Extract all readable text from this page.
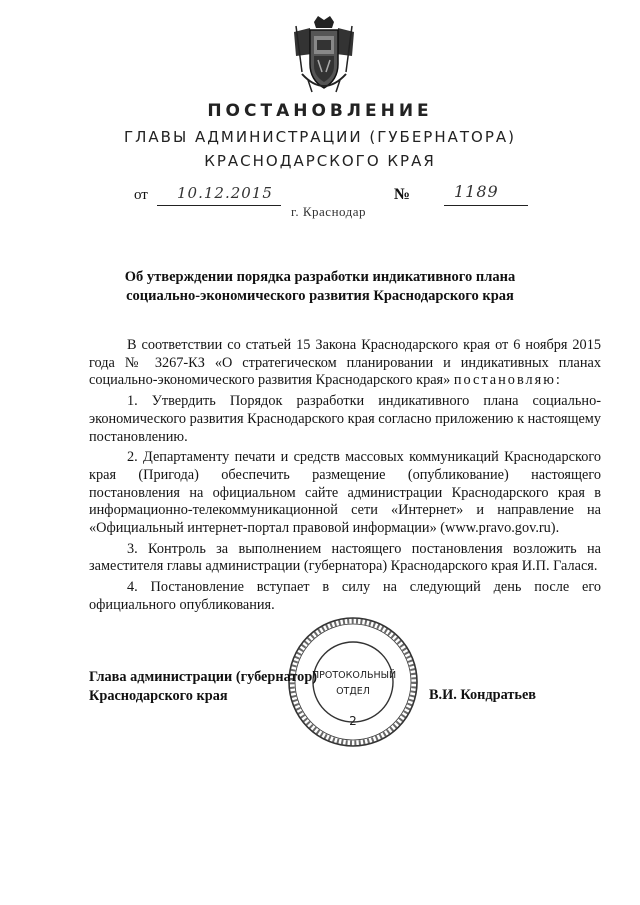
ПОСТАНОВЛЕНИЕ
ГЛАВЫ АДМИНИСТРАЦИИ (ГУБЕРНАТОРА)
КРАСНОДАРСКОГО КРАЯ
от 10.12.2015	№	1189
г. Краснодар
Об утверждении порядка разработки индикативного плана
социально-экономического развития Краснодарского края

В соответствии со статьей 15 Закона Краснодарского края от 6 ноября 2015 года № 3267-КЗ «О стратегическом планировании и индикативных планах социально-экономического развития Краснодарского края» постановляю:

1. Утвердить Порядок разработки индикативного плана социально-экономического развития Краснодарского края согласно приложению к настоящему постановлению.

2. Департаменту печати и средств массовых коммуникаций Краснодарского края (Пригода) обеспечить размещение (опубликование) настоящего постановления на официальном сайте администрации Краснодарского края в информационно-телекоммуникационной сети «Интернет» и направление на «Официальный интернет-портал правовой информации» (www.pravo.gov.ru).

3. Контроль за выполнением настоящего постановления возложить на заместителя главы администрации (губернатора) Краснодарского края И.П. Галася.

4. Постановление вступает в силу на следующий день после его официального опубликования.

ПРОТОКОЛЬНЫЙ
ОТДЕЛ
2
Глава администрации (губернатор)
Краснодарского края	В.И. Кондратьев
